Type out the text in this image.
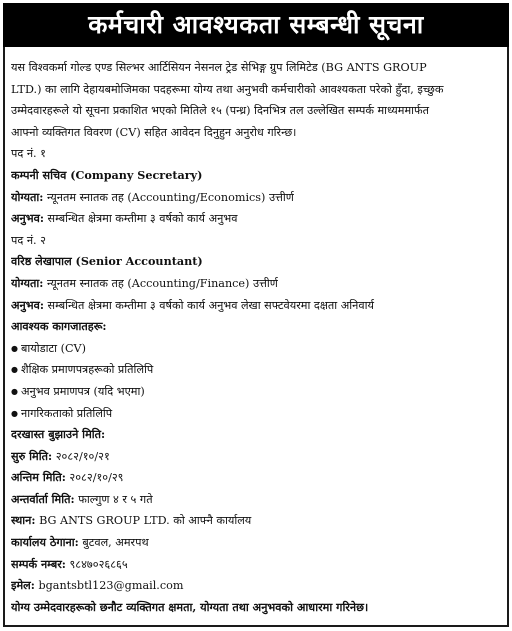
कर्मचारी आवश्यकता सम्बन्धी सूचना
यस विश्वकर्मा गोल्ड एण्ड सिल्भर आर्टिसियन नेसनल ट्रेड सेभिङ्ग ग्रुप लिमिटेड (BG ANTS GROUP
LTD.) का लागि देहायबमोजिमका पदहरूमा योग्य तथा अनुभवी कर्मचारीको आवश्यकता परेको हुँदा, इच्छुक
उम्मेदवारहरूले यो सूचना प्रकाशित भएको मितिले १५ (पन्ध्र) दिनभित्र तल उल्लेखित सम्पर्क माध्यममार्फत
आफ्नो व्यक्तिगत विवरण (CV) सहित आवेदन दिनुहुन अनुरोध गरिन्छ।
पद नं. १
कम्पनी सचिव (Company Secretary)
योग्यता: न्यूनतम स्नातक तह (Accounting/Economics) उत्तीर्ण
अनुभव: सम्बन्धित क्षेत्रमा कम्तीमा ३ वर्षको कार्य अनुभव
पद नं. २
वरिष्ठ लेखापाल (Senior Accountant)
योग्यता: न्यूनतम स्नातक तह (Accounting/Finance) उत्तीर्ण
अनुभव: सम्बन्धित क्षेत्रमा कम्तीमा ३ वर्षको कार्य अनुभव लेखा सफ्टवेयरमा दक्षता अनिवार्य
आवश्यक कागजातहरू:
● बायोडाटा (CV)
● शैक्षिक प्रमाणपत्रहरूको प्रतिलिपि
● अनुभव प्रमाणपत्र (यदि भएमा)
● नागरिकताको प्रतिलिपि
दरखास्त बुझाउने मिति:
सुरु मिति: २०८२/१०/२१
अन्तिम मिति: २०८२/१०/२९
अन्तर्वार्ता मिति: फाल्गुण ४ र ५ गते
स्थान: BG ANTS GROUP LTD. को आफ्नै कार्यालय
कार्यालय ठेगाना: बुटवल, अमरपथ
सम्पर्क नम्बर: ९८४७०२६८६५
इमेल: bgantsbtl123@gmail.com
योग्य उम्मेदवारहरूको छनौट व्यक्तिगत क्षमता, योग्यता तथा अनुभवको आधारमा गरिनेछ।
